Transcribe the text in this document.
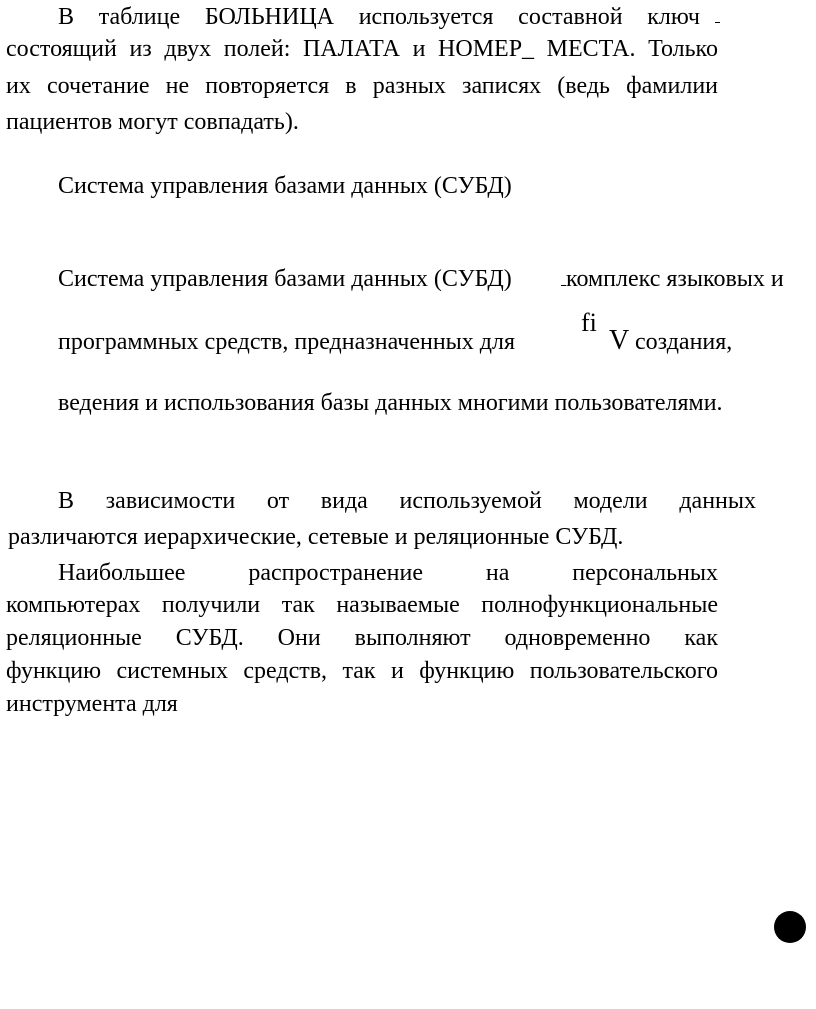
В таблице БОЛЬНИЦА используется составной ключ
состоящий из двух полей: ПАЛАТА и НОМЕР_ МЕСТА. Только
их сочетание не повторяется в разных записях (ведь фамилии
пациентов могут совпадать).
Система управления базами данных (СУБД)
Система управления базами данных (СУБД) комплекс языковых и
программных средств, предназначенных для
fi
V создания,
ведения и использования базы данных многими пользователями.
В зависимости от вида используемой модели данных
различаются иерархические, сетевые и реляционные СУБД.
Наибольшее распространение на персональных
компьютерах получили так называемые полнофункциональные
реляционные СУБД. Они выполняют одновременно как
функцию системных средств, так и функцию пользовательского
инструмента для
